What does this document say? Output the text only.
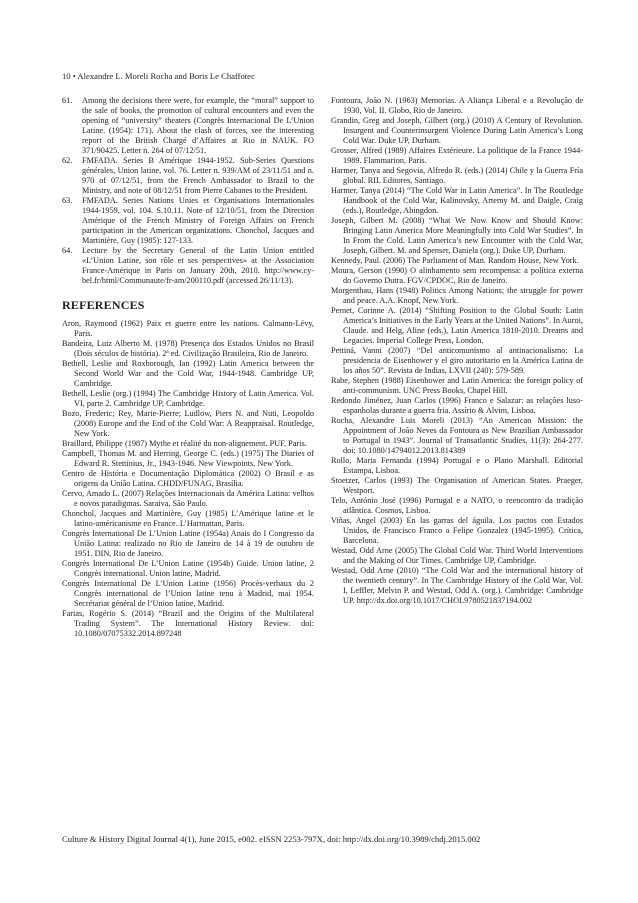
10 • Alexandre L. Moreli Rocha and Boris Le Chaffotec
61.	Among the decisions there were, for example, the “moral” support to the sale of books, the promotion of cultural encounters and even the opening of “university” theaters (Congrès Internacional De L’Union Latine. (1954): 171). About the clash of forces, see the interesting report of the British Chargé d’Affaires at Rio in NAUK. FO 371/90425. Letter n. 264 of 07/12/51.
62.	FMFADA. Series B Amérique 1944-1952. Sub-Series Questions générales, Union latine, vol. 76. Letter n. 939/AM of 23/11/51 and n. 970 of 07/12/51, from the French Ambassador to Brazil to the Ministry, and note of 08/12/51 from Pierre Cabanes to the President.
63.	FMFADA. Series Nations Unies et Organisations Internationales 1944-1959, vol. 104. S.10.11. Note of 12/10/51, from the Direction Amérique of the French Ministry of Foreign Affairs on French participation in the American organizations. Chonchol, Jacques and Martinière, Guy (1985): 127-133.
64.	Lecture by the Secretary General of the Latin Union entitled «L’Union Latine, son rôle et ses perspectives» at the Association France-Amérique in Paris on January 20th, 2010. http://www.cy-bel.fr/html/Communaute/fr-am/200110.pdf (accessed 26/11/13).
REFERENCES
Aron, Raymond (1962) Paix et guerre entre les nations. Calmann-Lévy, Paris.
Bandeira, Luiz Alberto M. (1978) Presença dos Estados Unidos no Brasil (Dois séculos de história). 2ª ed. Civilização Brasileira, Rio de Janeiro.
Bethell, Leslie and Roxborough, Ian (1992) Latin America between the Second World War and the Cold War, 1944-1948. Cambridge UP, Cambridge.
Bethell, Leslie (org.) (1994) The Cambridge History of Latin America. Vol. VI, parte 2. Cambridge UP, Cambridge.
Bozo, Frederic; Rey, Marie-Pierre; Ludlow, Piers N. and Nuti, Leopoldo (2008) Europe and the End of the Cold War: A Reappraisal. Routledge, New York.
Braillard, Philippe (1987) Mythe et réalité du non-alignement. PUF, Paris.
Campbell, Thomas M. and Herring, George C. (eds.) (1975) The Diaries of Edward R. Stettinius, Jr., 1943-1946. New Viewpoints, New York.
Centro de História e Documentação Diplomática (2002) O Brasil e as origens da União Latina. CHDD/FUNAG, Brasília.
Cervo, Amado L. (2007) Relações Internacionais da América Latina: velhos e novos paradigmas. Saraiva, São Paulo.
Chonchol, Jacques and Martinière, Guy (1985) L’Amérique latine et le latino-américanisme en France. L’Harmattan, Paris.
Congrès International De L’Union Latine (1954a) Anais do I Congresso da União Latina: realizado no Rio de Janeiro de 14 à 19 de outubro de 1951. DIN, Rio de Janeiro.
Congrès International De L’Union Latine (1954b) Guide. Union latine, 2 Congrès international. Union latine, Madrid.
Congrès International De L’Union Latine (1956) Procès-verbaux du 2 Congrès international de l’Union latine tenu à Madrid, mai 1954. Secrétariat général de l’Union latine, Madrid.
Farias, Rogério S. (2014) “Brazil and the Origins of the Multilateral Trading System”. The International History Review. doi: 10.1080/07075332.2014.897248
Fontoura, João N. (1963) Memorias. A Aliança Liberal e a Revolução de 1930, Vol. II. Globo, Rio de Janeiro.
Grandin, Greg and Joseph, Gilbert (org.) (2010) A Century of Revolution. Insurgent and Counterinsurgent Violence During Latin America’s Long Cold War. Duke UP, Durham.
Grosser, Alfred (1989) Affaires Extérieure. La politique de la France 1944-1989. Flammarion, Paris.
Harmer, Tanya and Segovia, Alfredo R. (eds.) (2014) Chile y la Guerra Fría global. RIL Editores, Santiago.
Harmer, Tanya (2014) “The Cold War in Latin America”. In The Routledge Handbook of the Cold War, Kalinovsky, Artemy M. and Daigle, Craig (eds.), Routledge, Abingdon.
Joseph, Gilbert M. (2008) “What We Now Know and Should Know: Bringing Latin America More Meaningfully into Cold War Studies”. In In From the Cold. Latin America’s new Encounter with the Cold War, Joseph, Gilbert. M. and Spenser, Daniela (org.). Duke UP, Durham.
Kennedy, Paul. (2006) The Parliament of Man. Random House, New York.
Moura, Gerson (1990) O alinhamento sem recompensa: a política externa do Governo Dutra. FGV/CPDOC, Rio de Janeiro.
Morgenthau, Hans (1948) Politics Among Nations; the struggle for power and peace. A.A. Knopf, New York.
Pernet, Corinne A. (2014) “Shifting Position to the Global South: Latin America’s Initiatives in the Early Years at the United Nations”. In Auroi, Claude. and Helg, Aline (eds.), Latin America 1810-2010. Dreams and Legacies. Imperial College Press, London.
Pettiná, Vanni (2007) “Del anticomunismo al antinacionalismo: La presidencia de Eisenhower y el giro autoritario en la América Latina de los años 50”. Revista de Indias, LXVII (240): 579-589.
Rabe, Stephen (1988) Eisenhower and Latin America: the foreign policy of anti-communism. UNC Press Books, Chapel Hill.
Redondo Jiménez, Juan Carlos (1996) Franco e Salazar: as relações luso-espanholas durante a guerra fria. Assírio & Alvim, Lisboa.
Rocha, Alexandre Luis Moreli (2013) “An American Mission: the Appointment of João Neves da Fontoura as New Brazilian Ambassador to Portugal in 1943”. Journal of Transatlantic Studies, 11(3): 264-277. doi: 10.1080/14794012.2013.814389
Rollo, Maria Fernanda (1994) Portugal e o Plano Marshall. Editorial Estampa, Lisboa.
Stoetzer, Carlos (1993) The Organisation of American States. Praeger, Westport.
Telo, António José (1996) Portugal e a NATO, o reencontro da tradição atlântica. Cosmos, Lisboa.
Viñas, Angel (2003) En las garras del águila. Los pactos con Estados Unidos, de Francisco Franco a Felipe Gonzalez (1945-1995). Crítica, Barcelona.
Westad, Odd Arne (2005) The Global Cold War. Third World Interventions and the Making of Our Times. Cambridge UP, Cambridge.
Westad, Odd Arne (2010) “The Cold War and the international history of the twentieth century”. In The Cambridge History of the Cold War, Vol. I, Leffler, Melvin P. and Westad, Odd A. (org.). Cambridge: Cambridge UP. http://dx.doi.org/10.1017/CHOL9780521837194.002
Culture & History Digital Journal 4(1), June 2015, e002. eISSN 2253-797X, doi: http://dx.doi.org/10.3989/chdj.2015.002
